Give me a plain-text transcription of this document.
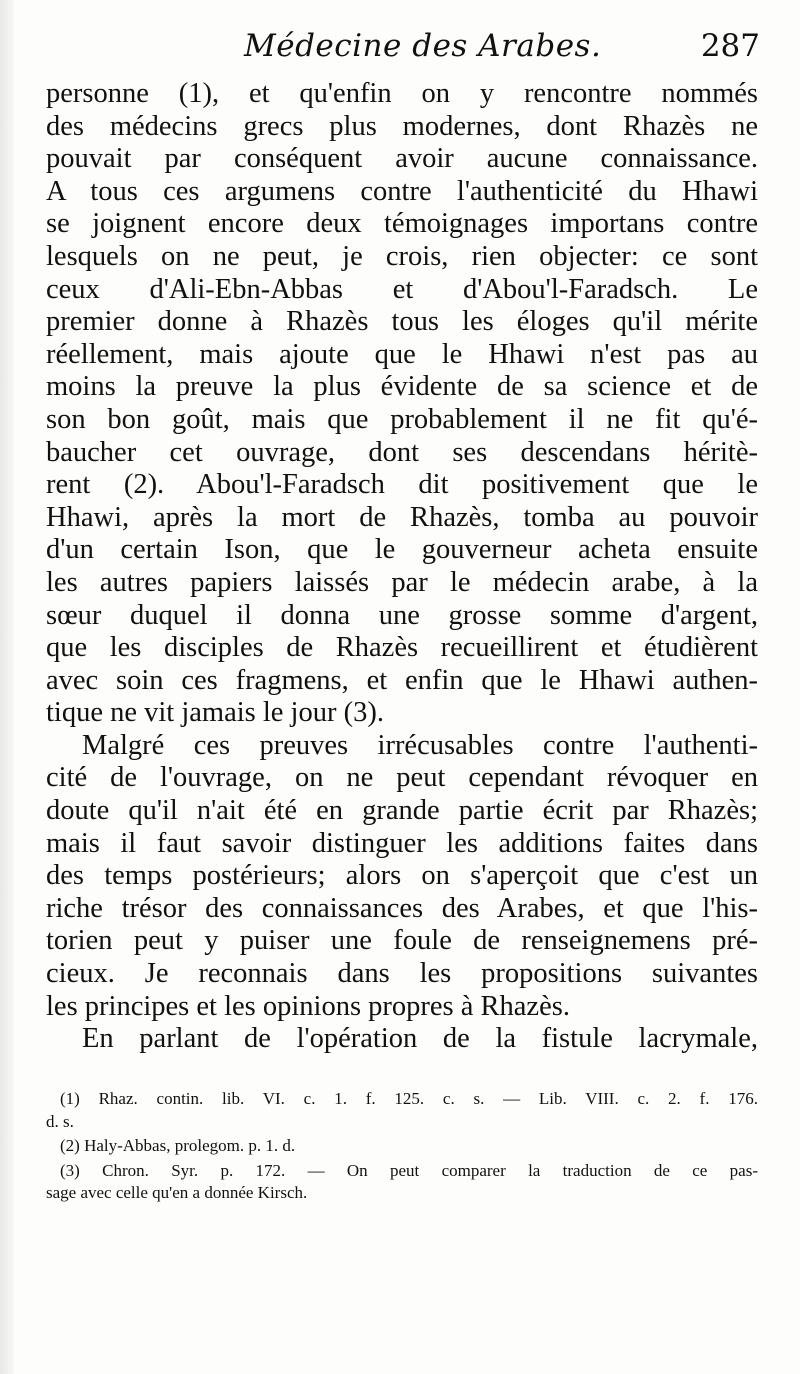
Médecine des Arabes.	287
personne (1), et qu'enfin on y rencontre nommés
des médecins grecs plus modernes, dont Rhazès ne
pouvait par conséquent avoir aucune connaissance.
A tous ces argumens contre l'authenticité du Hhawi
se joignent encore deux témoignages importans contre
lesquels on ne peut, je crois, rien objecter: ce sont
ceux d'Ali-Ebn-Abbas et d'Abou'l-Faradsch. Le
premier donne à Rhazès tous les éloges qu'il mérite
réellement, mais ajoute que le Hhawi n'est pas au
moins la preuve la plus évidente de sa science et de
son bon goût, mais que probablement il ne fit qu'é-
baucher cet ouvrage, dont ses descendans héritè-
rent (2). Abou'l-Faradsch dit positivement que le
Hhawi, après la mort de Rhazès, tomba au pouvoir
d'un certain Ison, que le gouverneur acheta ensuite
les autres papiers laissés par le médecin arabe, à la
sœur duquel il donna une grosse somme d'argent,
que les disciples de Rhazès recueillirent et étudièrent
avec soin ces fragmens, et enfin que le Hhawi authen-
tique ne vit jamais le jour (3).
Malgré ces preuves irrécusables contre l'authenti-
cité de l'ouvrage, on ne peut cependant révoquer en
doute qu'il n'ait été en grande partie écrit par Rhazès;
mais il faut savoir distinguer les additions faites dans
des temps postérieurs; alors on s'aperçoit que c'est un
riche trésor des connaissances des Arabes, et que l'his-
torien peut y puiser une foule de renseignemens pré-
cieux. Je reconnais dans les propositions suivantes
les principes et les opinions propres à Rhazès.
En parlant de l'opération de la fistule lacrymale,
(1) Rhaz. contin. lib. VI. c. 1. f. 125. c. s. — Lib. VIII. c. 2. f. 176.
d. s.
(2) Haly-Abbas, prolegom. p. 1. d.
(3) Chron. Syr. p. 172. — On peut comparer la traduction de ce pas-
sage avec celle qu'en a donnée Kirsch.
